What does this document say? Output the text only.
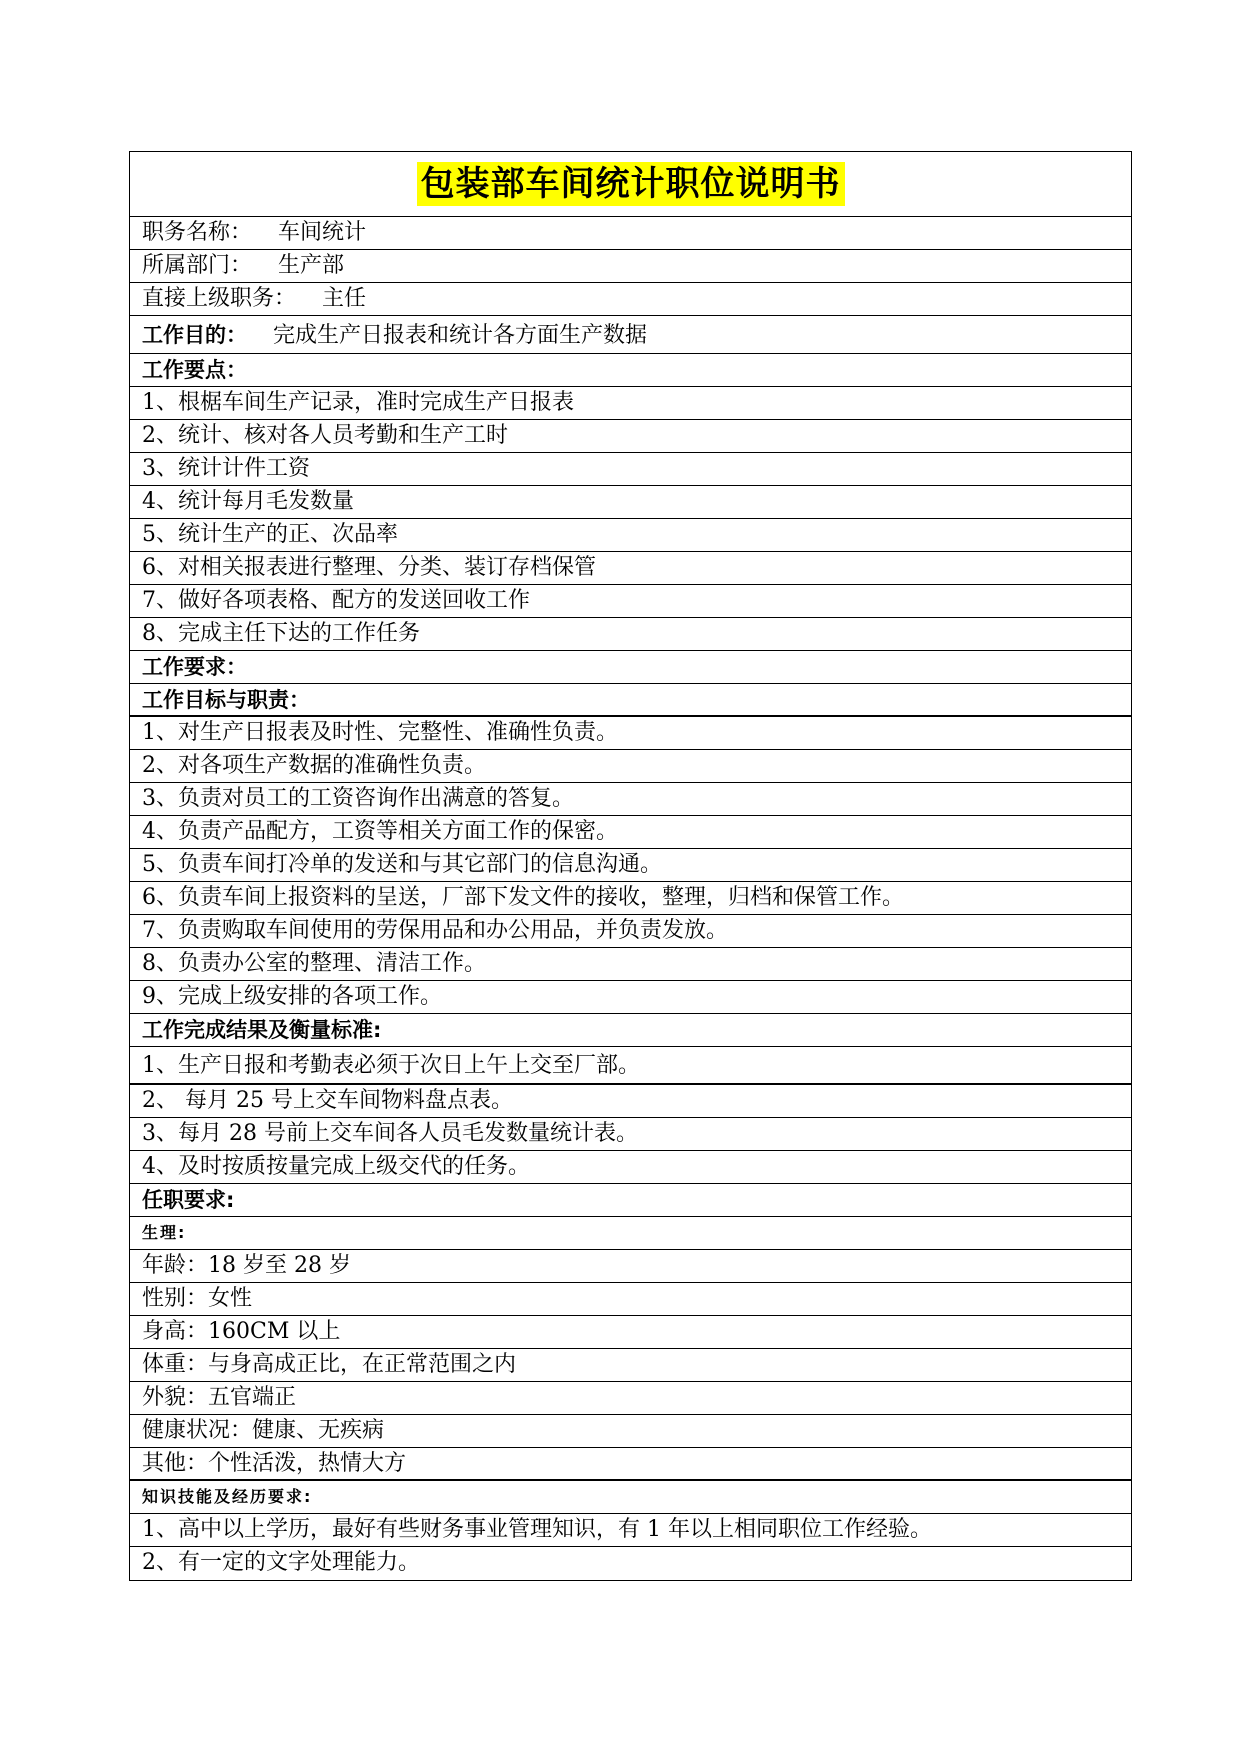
包装部车间统计职位说明书
职务名称： 车间统计
所属部门： 生产部
直接上级职务： 主任
工作目的： 完成生产日报表和统计各方面生产数据
工作要点：
1、根椐车间生产记录，准时完成生产日报表
2、统计、核对各人员考勤和生产工时
3、统计计件工资
4、统计每月毛发数量
5、统计生产的正、次品率
6、对相关报表进行整理、分类、装订存档保管
7、做好各项表格、配方的发送回收工作
8、完成主任下达的工作任务
工作要求：
工作目标与职责：
1、对生产日报表及时性、完整性、准确性负责。
2、对各项生产数据的准确性负责。
3、负责对员工的工资咨询作出满意的答复。
4、负责产品配方，工资等相关方面工作的保密。
5、负责车间打冷单的发送和与其它部门的信息沟通。
6、负责车间上报资料的呈送，厂部下发文件的接收，整理，归档和保管工作。
7、负责购取车间使用的劳保用品和办公用品，并负责发放。
8、负责办公室的整理、清洁工作。
9、完成上级安排的各项工作。
工作完成结果及衡量标准:
1、生产日报和考勤表必须于次日上午上交至厂部。
2、 每月 25 号上交车间物料盘点表。
3、每月 28 号前上交车间各人员毛发数量统计表。
4、及时按质按量完成上级交代的任务。
任职要求:
生理:
年龄：18 岁至 28 岁
性别：女性
身高：160CM 以上
体重：与身高成正比，在正常范围之内
外貌：五官端正
健康状况：健康、无疾病
其他：个性活泼，热情大方
知识技能及经历要求:
1、高中以上学历，最好有些财务事业管理知识，有 1 年以上相同职位工作经验。
2、有一定的文字处理能力。
